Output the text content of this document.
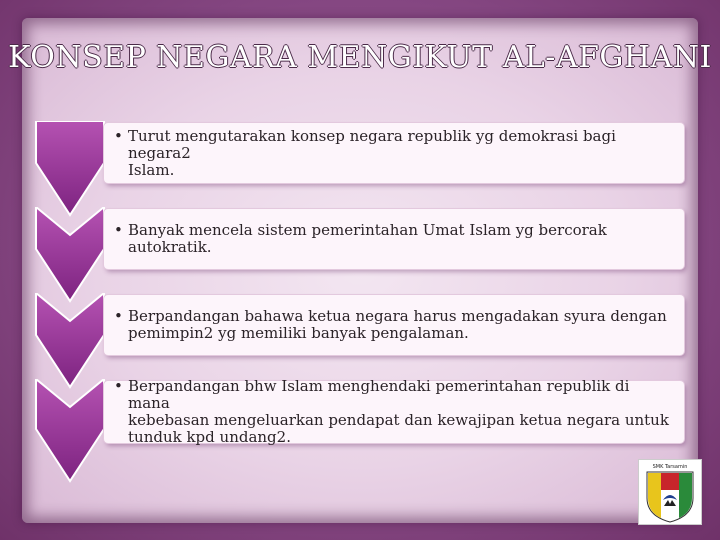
KONSEP NEGARA MENGIKUT AL-AFGHANI
• Turut mengutarakan konsep negara republik yg demokrasi bagi negara2
Islam.
• Banyak mencela sistem pemerintahan Umat Islam yg bercorak autokratik.
• Berpandangan bahawa ketua negara harus mengadakan syura dengan
pemimpin2 yg memiliki banyak pengalaman.
• Berpandangan bhw Islam menghendaki pemerintahan republik di mana
kebebasan mengeluarkan pendapat dan kewajipan ketua negara untuk
tunduk kpd undang2.
SMK Tarsamin
